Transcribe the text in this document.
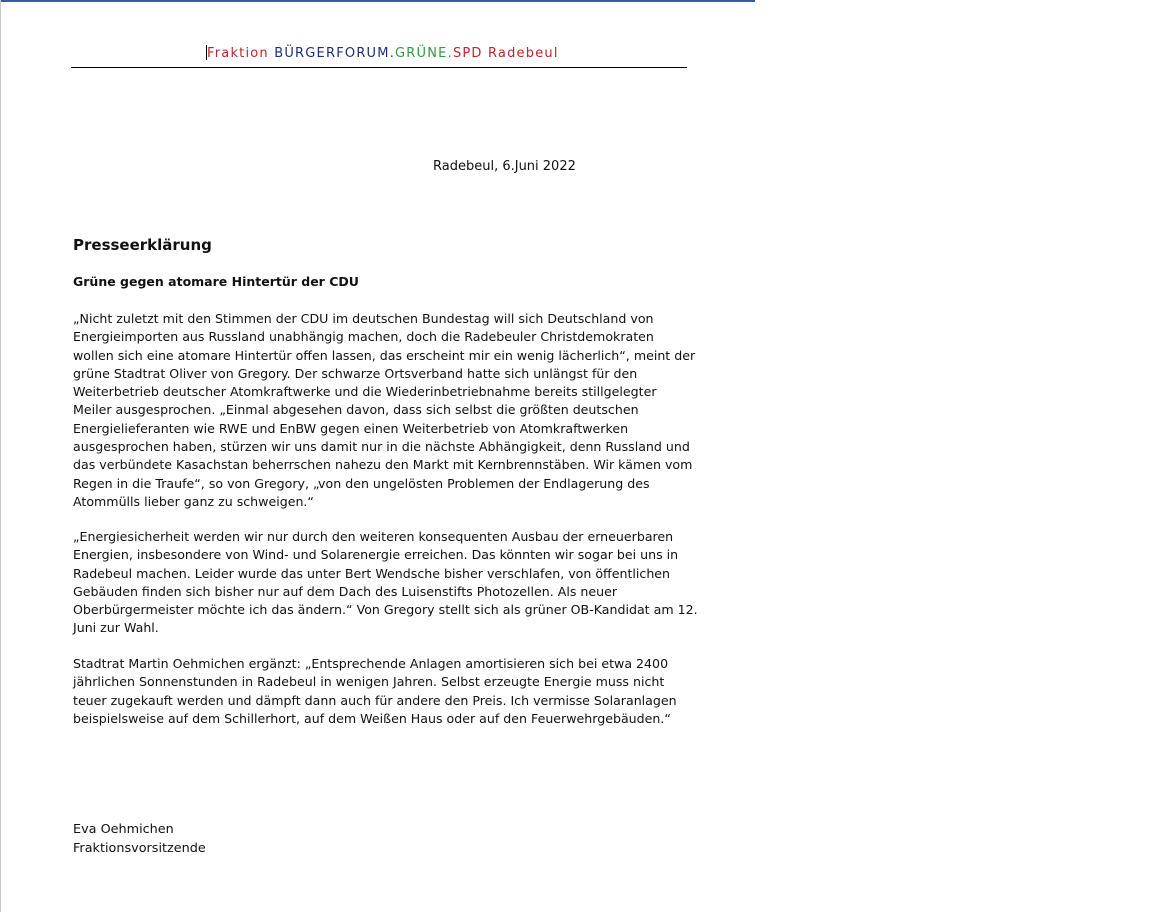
Fraktion BÜRGERFORUM.GRÜNE.SPD Radebeul
Radebeul, 6.Juni 2022
Presseerklärung
Grüne gegen atomare Hintertür der CDU
„Nicht zuletzt mit den Stimmen der CDU im deutschen Bundestag will sich Deutschland von
Energieimporten aus Russland unabhängig machen, doch die Radebeuler Christdemokraten
wollen sich eine atomare Hintertür offen lassen, das erscheint mir ein wenig lächerlich“, meint der
grüne Stadtrat Oliver von Gregory. Der schwarze Ortsverband hatte sich unlängst für den
Weiterbetrieb deutscher Atomkraftwerke und die Wiederinbetriebnahme bereits stillgelegter
Meiler ausgesprochen. „Einmal abgesehen davon, dass sich selbst die größten deutschen
Energielieferanten wie RWE und EnBW gegen einen Weiterbetrieb von Atomkraftwerken
ausgesprochen haben, stürzen wir uns damit nur in die nächste Abhängigkeit, denn Russland und
das verbündete Kasachstan beherrschen nahezu den Markt mit Kernbrennstäben. Wir kämen vom
Regen in die Traufe“, so von Gregory, „von den ungelösten Problemen der Endlagerung des
Atommülls lieber ganz zu schweigen.“
„Energiesicherheit werden wir nur durch den weiteren konsequenten Ausbau der erneuerbaren
Energien, insbesondere von Wind- und Solarenergie erreichen. Das könnten wir sogar bei uns in
Radebeul machen. Leider wurde das unter Bert Wendsche bisher verschlafen, von öffentlichen
Gebäuden finden sich bisher nur auf dem Dach des Luisenstifts Photozellen. Als neuer
Oberbürgermeister möchte ich das ändern.“ Von Gregory stellt sich als grüner OB-Kandidat am 12.
Juni zur Wahl.
Stadtrat Martin Oehmichen ergänzt: „Entsprechende Anlagen amortisieren sich bei etwa 2400
jährlichen Sonnenstunden in Radebeul in wenigen Jahren. Selbst erzeugte Energie muss nicht
teuer zugekauft werden und dämpft dann auch für andere den Preis. Ich vermisse Solaranlagen
beispielsweise auf dem Schillerhort, auf dem Weißen Haus oder auf den Feuerwehrgebäuden.“
Eva Oehmichen
Fraktionsvorsitzende
